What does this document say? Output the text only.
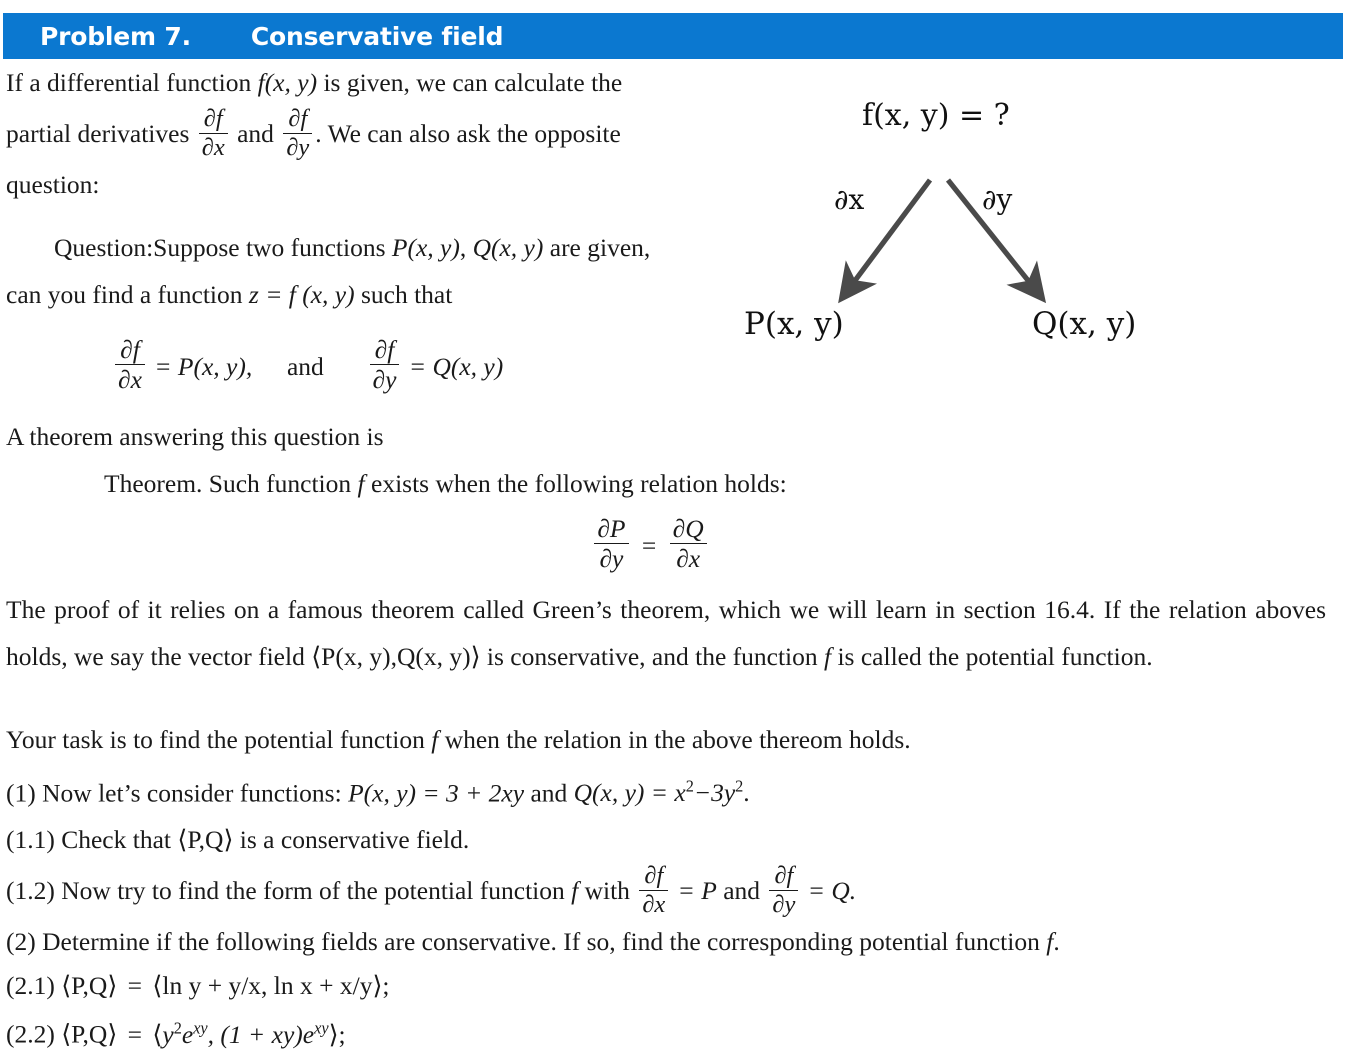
Problem 7. Conservative field
f(x, y) = ?
∂x	∂y
P(x, y)	Q(x, y)
If a differential function f(x, y) is given, we can calculate the partial derivatives $\frac{\partial f}{\partial x}$ and $\frac{\partial f}{\partial y}$ . We can also ask the opposite question:
Question:Suppose two functions P(x, y), Q(x, y) are given, can you find a function z = f (x, y) such that
$\frac{\partial f}{\partial x} = P(x$, y), and $\frac{\partial f}{\partial y} = Q(x$, y)
A theorem answering this question is
Theorem. Such function f exists when the following relation holds:
$\frac{\partial P}{\partial y} = \frac{\partial Q}{\partial x}$
The proof of it relies on a famous theorem called Green’s theorem, which we will learn in section 16.4. If the relation aboves holds, we say the vector field ⟨P(x, y),Q(x, y)⟩ is conservative, and the function f is called the potential function.
Your task is to find the potential function f when the relation in the above thereom holds.
(1) Now let’s consider functions: P(x, y) = 3 + 2xy and Q(x, $y) = x^2-3y^2$.
(1.1) Check that ⟨P,Q⟩ is a conservative field.
(1.2) Now try to find the form of the potential function f with $\frac{\partial f}{\partial x} = P$ and $\frac{\partial f}{\partial y} = Q$.
(2) Determine if the following fields are conservative. If so, find the corresponding potential function f.
(2.1) ⟨P,Q⟩ = ⟨ln y + y/x, ln x + x/y⟩;
(2.2) ⟨P,Q⟩ = $⟨y^2e^{xy}$, $(1 + xy)e^{xy}⟩$;
